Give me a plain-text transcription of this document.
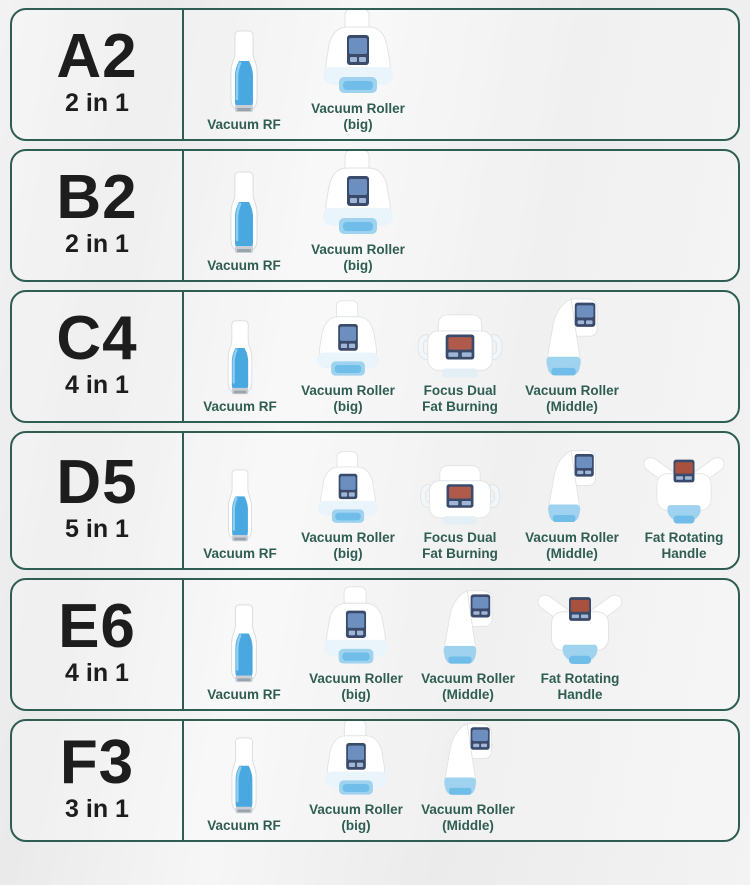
A2
2 in 1
Vacuum RF
Vacuum Roller
(big)
B2
2 in 1
Vacuum RF
Vacuum Roller
(big)
C4
4 in 1
Vacuum RF
Vacuum Roller
(big)
Focus Dual
Fat Burning
Vacuum Roller
(Middle)
D5
5 in 1
Vacuum RF
Vacuum Roller
(big)
Focus Dual
Fat Burning
Vacuum Roller
(Middle)
Fat Rotating
Handle
E6
4 in 1
Vacuum RF
Vacuum Roller
(big)
Vacuum Roller
(Middle)
Fat Rotating
Handle
F3
3 in 1
Vacuum RF
Vacuum Roller
(big)
Vacuum Roller
(Middle)
